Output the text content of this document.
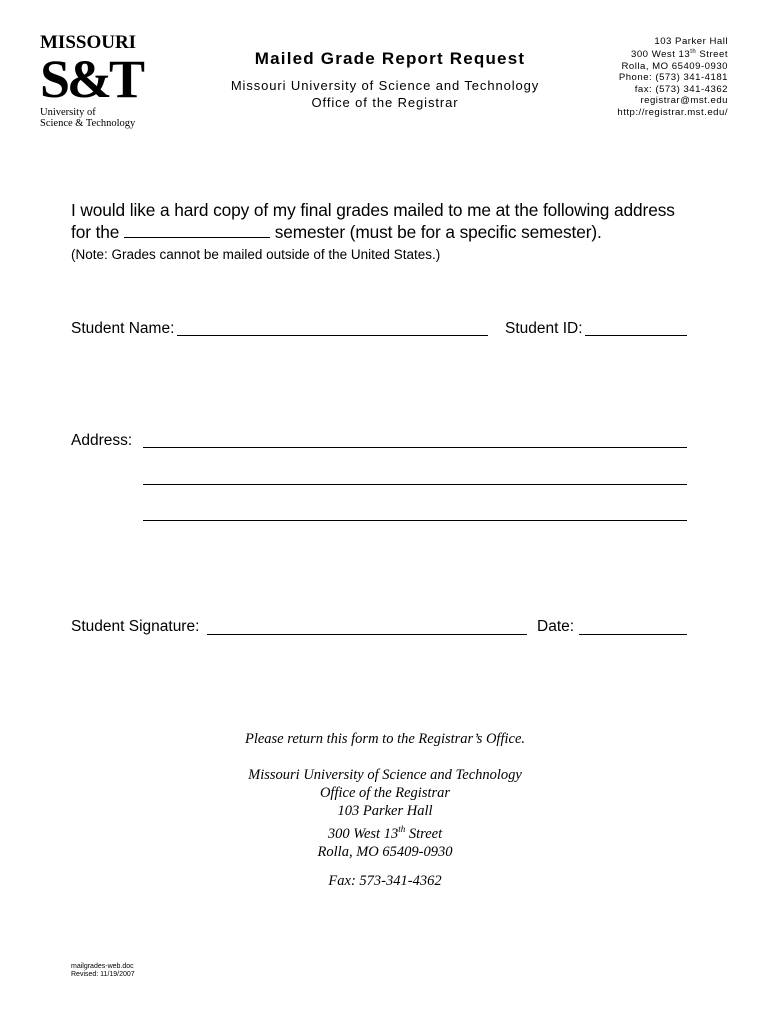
MISSOURI
S&T
University of
Science & Technology
Mailed Grade Report Request
Missouri University of Science and Technology
Office of the Registrar
103 Parker Hall
300 West 13th Street
Rolla, MO 65409-0930
Phone: (573) 341-4181
fax: (573) 341-4362
registrar@mst.edu
http://registrar.mst.edu/
I would like a hard copy of my final grades mailed to me at the following address
for the	semester (must be for a specific semester).
(Note: Grades cannot be mailed outside of the United States.)
Student Name:	Student ID:
Address:
Student Signature:	Date:
Please return this form to the Registrar’s Office.
Missouri University of Science and Technology
Office of the Registrar
103 Parker Hall
300 West 13th Street
Rolla, MO 65409-0930
Fax: 573-341-4362
mailgrades-web.doc
Revised: 11/19/2007
